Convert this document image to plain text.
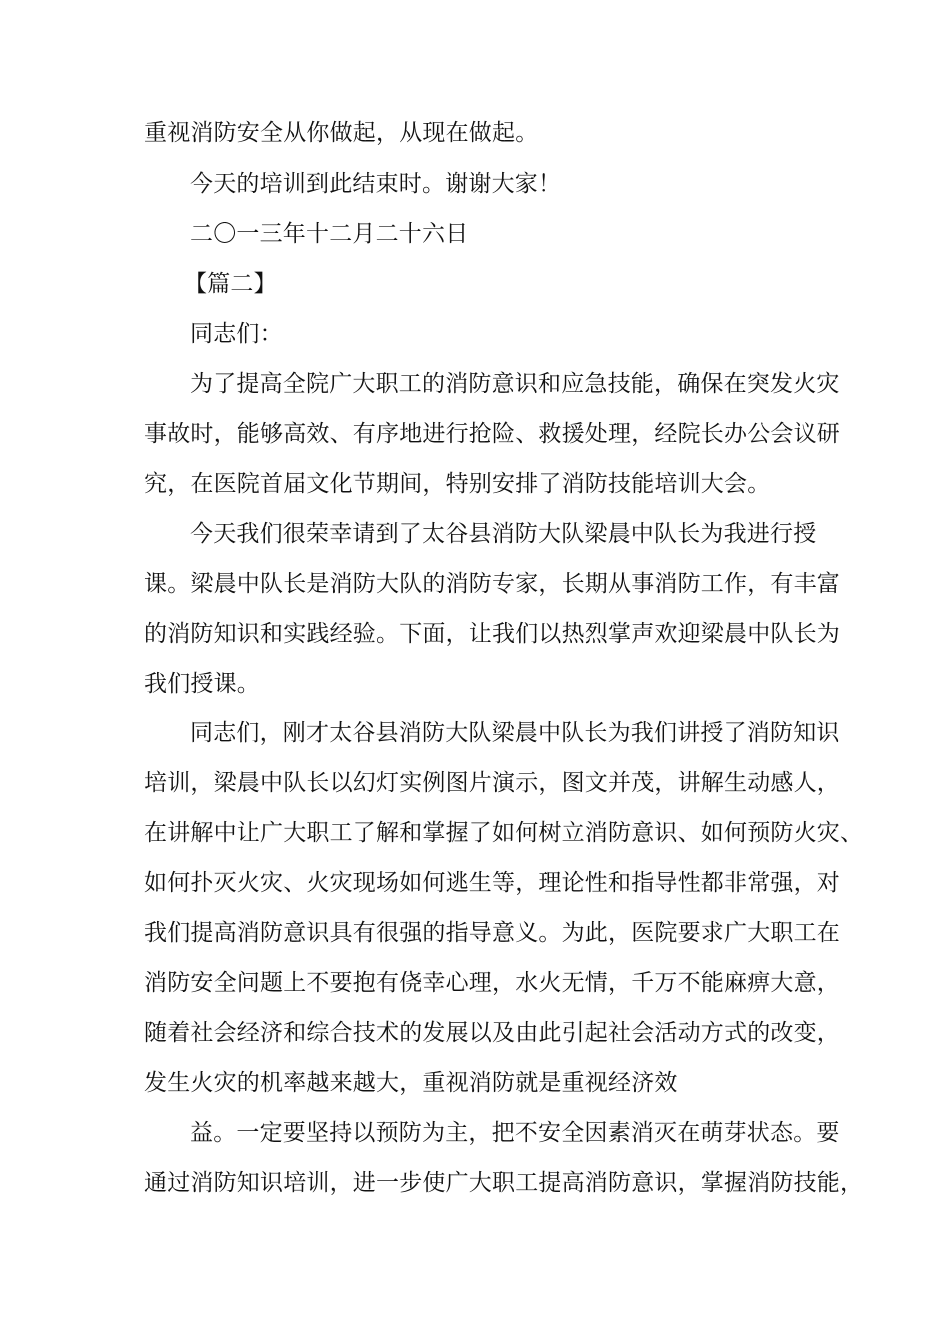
重视消防安全从你做起，从现在做起。

今天的培训到此结束时。谢谢大家！

二〇一三年十二月二十六日

【篇二】

同志们：

为了提高全院广大职工的消防意识和应急技能，确保在突发火灾

事故时，能够高效、有序地进行抢险、救援处理，经院长办公会议研

究，在医院首届文化节期间，特别安排了消防技能培训大会。

今天我们很荣幸请到了太谷县消防大队梁晨中队长为我进行授

课。梁晨中队长是消防大队的消防专家，长期从事消防工作，有丰富

的消防知识和实践经验。下面，让我们以热烈掌声欢迎梁晨中队长为

我们授课。

同志们，刚才太谷县消防大队梁晨中队长为我们讲授了消防知识

培训，梁晨中队长以幻灯实例图片演示，图文并茂，讲解生动感人，

在讲解中让广大职工了解和掌握了如何树立消防意识、如何预防火灾、

如何扑灭火灾、火灾现场如何逃生等，理论性和指导性都非常强，对

我们提高消防意识具有很强的指导意义。为此，医院要求广大职工在

消防安全问题上不要抱有侥幸心理，水火无情，千万不能麻痹大意，

随着社会经济和综合技术的发展以及由此引起社会活动方式的改变，

发生火灾的机率越来越大，重视消防就是重视经济效

益。一定要坚持以预防为主，把不安全因素消灭在萌芽状态。要

通过消防知识培训，进一步使广大职工提高消防意识，掌握消防技能，
